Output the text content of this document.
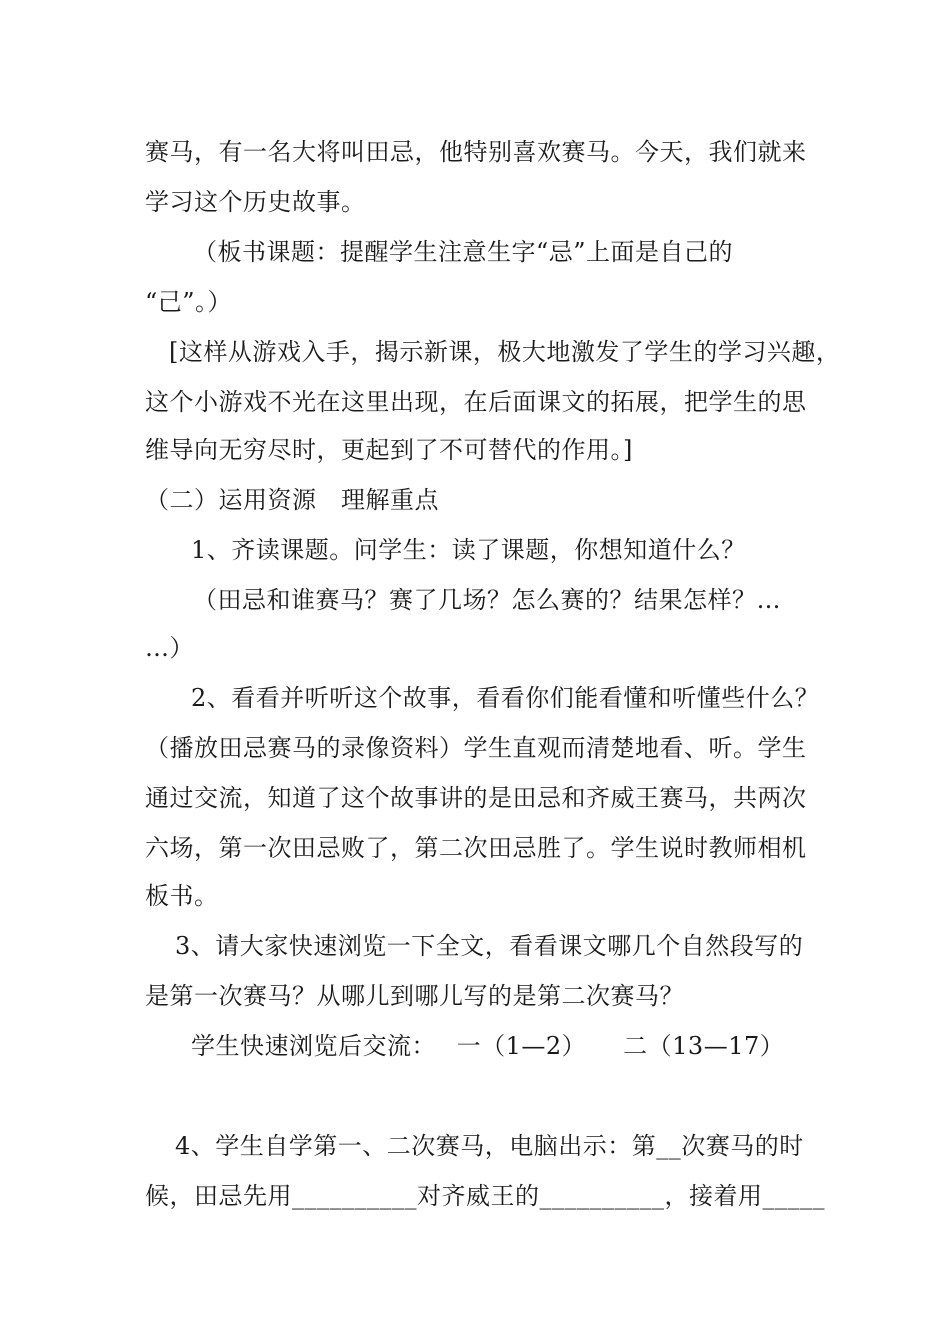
赛马，有一名大将叫田忌，他特别喜欢赛马。今天，我们就来

学习这个历史故事。

（板书课题：提醒学生注意生字“忌”上面是自己的

“己”。）

[这样从游戏入手，揭示新课，极大地激发了学生的学习兴趣，

这个小游戏不光在这里出现，在后面课文的拓展，把学生的思

维导向无穷尽时，更起到了不可替代的作用。]

（二）运用资源　理解重点

1、齐读课题。问学生：读了课题，你想知道什么？

（田忌和谁赛马？赛了几场？怎么赛的？结果怎样？…

…）

2、看看并听听这个故事，看看你们能看懂和听懂些什么？

（播放田忌赛马的录像资料）学生直观而清楚地看、听。学生

通过交流，知道了这个故事讲的是田忌和齐威王赛马，共两次

六场，第一次田忌败了，第二次田忌胜了。学生说时教师相机

板书。

3、请大家快速浏览一下全文，看看课文哪几个自然段写的

是第一次赛马？从哪儿到哪儿写的是第二次赛马？

学生快速浏览后交流：　 一（1—2）　　二（13—17）

4、学生自学第一、二次赛马，电脑出示：第__次赛马的时

候，田忌先用__________对齐威王的__________，接着用_____
